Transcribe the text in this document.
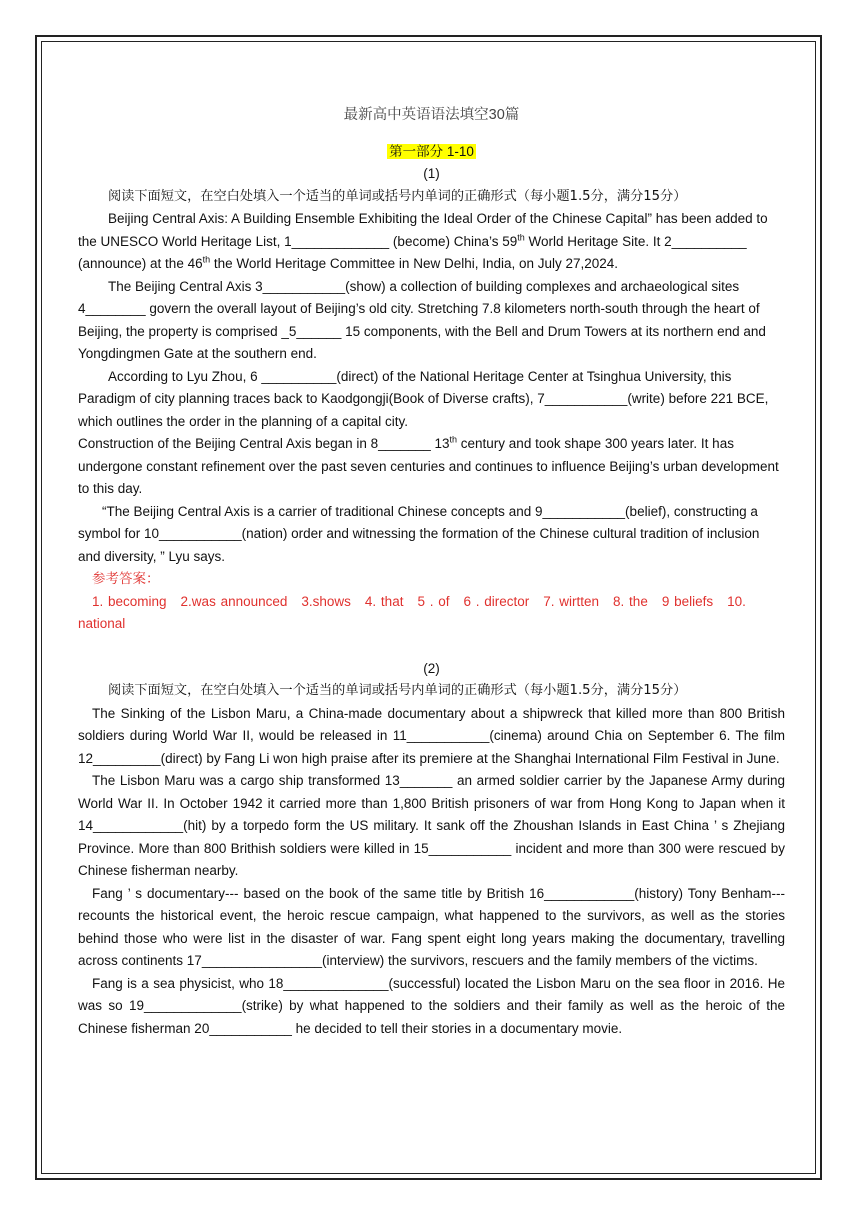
最新高中英语语法填空30篇
第一部分 1-10
(1)

阅读下面短文，在空白处填入一个适当的单词或括号内单词的正确形式（每小题1.5分，满分15分）

Beijing Central Axis: A Building Ensemble Exhibiting the Ideal Order of the Chinese Capital” has been added to the UNESCO World Heritage List, 1_____________ (become) China’s 59th World Heritage Site. It 2__________ (announce) at the 46th the World Heritage Committee in New Delhi, India, on July 27,2024.

The Beijing Central Axis 3___________(show) a collection of building complexes and archaeological sites 4________ govern the overall layout of Beijing’s old city. Stretching 7.8 kilometers north-south through the heart of Beijing, the property is comprised _5______ 15 components, with the Bell and Drum Towers at its northern end and Yongdingmen Gate at the southern end.

According to Lyu Zhou, 6 __________(direct) of the National Heritage Center at Tsinghua University, this Paradigm of city planning traces back to Kaodgongji(Book of Diverse crafts), 7___________(write) before 221 BCE, which outlines the order in the planning of a capital city.

Construction of the Beijing Central Axis began in 8_______ 13th century and took shape 300 years later. It has undergone constant refinement over the past seven centuries and continues to influence Beijing’s urban development to this day.

“The Beijing Central Axis is a carrier of traditional Chinese concepts and 9___________(belief), constructing a symbol for 10___________(nation) order and witnessing the formation of the Chinese cultural tradition of inclusion and diversity, ” Lyu says.

参考答案：

1. becoming 2.was announced 3.shows 4. that 5 . of 6 . director 7. wirtten 8. the 9 beliefs 10. national

(2)

阅读下面短文，在空白处填入一个适当的单词或括号内单词的正确形式（每小题1.5分，满分15分）

The Sinking of the Lisbon Maru, a China-made documentary about a shipwreck that killed more than 800 British soldiers during World War II, would be released in 11___________(cinema) around Chia on September 6. The film 12_________(direct) by Fang Li won high praise after its premiere at the Shanghai International Film Festival in June.

The Lisbon Maru was a cargo ship transformed 13_______ an armed soldier carrier by the Japanese Army during World War II. In October 1942 it carried more than 1,800 British prisoners of war from Hong Kong to Japan when it 14____________(hit) by a torpedo form the US military. It sank off the Zhoushan Islands in East China ’ s Zhejiang Province. More than 800 Brithish soldiers were killed in 15___________ incident and more than 300 were rescued by Chinese fisherman nearby.

Fang ’ s documentary--- based on the book of the same title by British 16____________(history) Tony Benham---recounts the historical event, the heroic rescue campaign, what happened to the survivors, as well as the stories behind those who were list in the disaster of war. Fang spent eight long years making the documentary, travelling across continents 17________________(interview) the survivors, rescuers and the family members of the victims.

Fang is a sea physicist, who 18______________(successful) located the Lisbon Maru on the sea floor in 2016. He was so 19_____________(strike) by what happened to the soldiers and their family as well as the heroic of the Chinese fisherman 20___________ he decided to tell their stories in a documentary movie.
